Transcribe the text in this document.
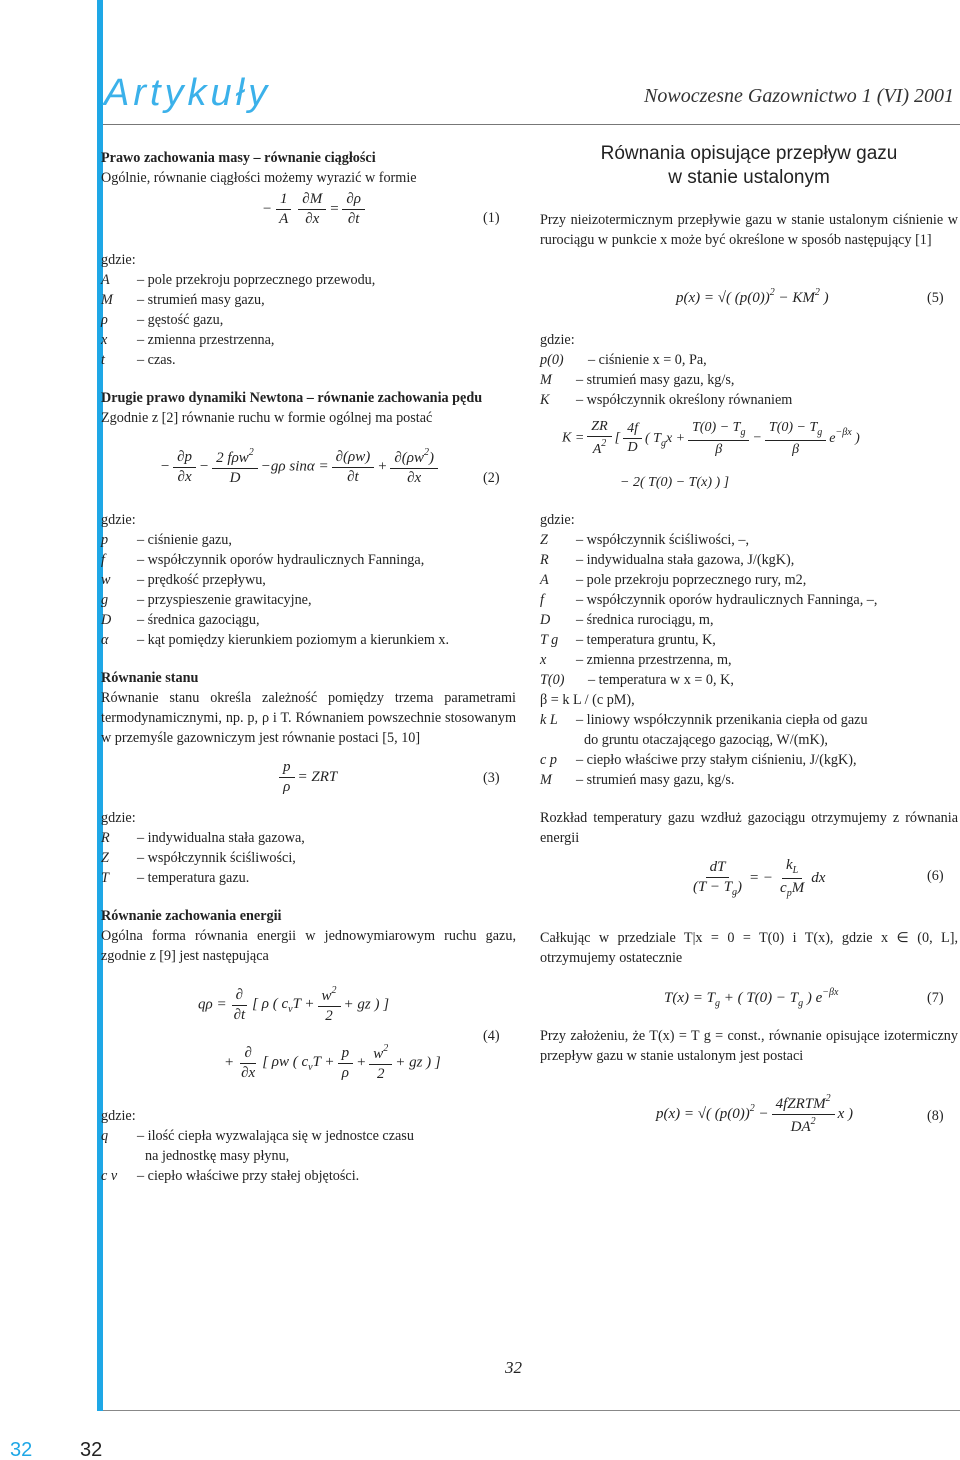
Artykuły	Nowoczesne Gazownictwo 1 (VI) 2001
Prawo zachowania masy – równanie ciągłości
Ogólnie, równanie ciągłości możemy wyrazić w formie
− $\frac{1}{A} \frac{\partial M}{\partial x} = \frac{\partial\rho}{\partial t}$	(1)
gdzie:
A	– pole przekroju poprzecznego przewodu,
M	– strumień masy gazu,
ρ	– gęstość gazu,
x	– zmienna przestrzenna,
t	– czas.
Drugie prawo dynamiki Newtona – równanie zachowania pędu
Zgodnie z [2] równanie ruchu w formie ogólnej ma postać
− $\frac{\partial p}{\partial x} - \frac{2 f\rho w^2}{D} -g\rho$ $\sin\alpha = \frac{\partial(\rho w)}{\partial t} + \frac{\partial(\rho w^2)}{\partial x}$	(2)
gdzie:
p	– ciśnienie gazu,
f	– współczynnik oporów hydraulicznych Fanninga,
w	– prędkość przepływu,
g	– przyspieszenie grawitacyjne,
D	– średnica gazociągu,
α	– kąt pomiędzy kierunkiem poziomym a kierunkiem x.
Równanie stanu
Równanie stanu określa zależność pomiędzy trzema parametrami termodynamicznymi, np. p, ρ i T. Równaniem powszechnie stosowanym w przemyśle gazowniczym jest równanie postaci [5, 10]
$\frac{p}{\rho}$ = ZRT	(3)
gdzie:
R	– indywidualna stała gazowa,
Z	– współczynnik ściśliwości,
T	– temperatura gazu.
Równanie zachowania energii
Ogólna forma równania energii w jednowymiarowym ruchu gazu, zgodnie z [9] jest następująca
$q\rho = \frac{\partial}{\partial t}$ [ ρ ( $c_vT + \frac{w^2}{2}$ + gz ) ]
+ $\frac{\partial}{\partial x}$ [ ρw ( $c_vT + \frac{p}{\rho} + \frac{w^2}{2}$ + gz ) ]
(4)
gdzie:
q	– ilość ciepła wyzwalająca się w jednostce czasu
na jednostkę masy płynu,
c v	– ciepło właściwe przy stałej objętości.
Równania opisujące przepływ gazu
w stanie ustalonym
Przy nieizotermicznym przepływie gazu w stanie ustalonym ciśnienie w rurociągu w punkcie x może być określone w sposób następujący [1]
p(x) = √( $(p(0))^2 - KM^2$ )	(5)
gdzie:
p(0)	– ciśnienie x = 0, Pa,
M	– strumień masy gazu, kg/s,
K	– współczynnik określony równaniem
$K = \frac{ZR}{A^2}$ [ $\frac{4f}{D}$ ( $T_gx + \frac{T(0) - T_g}{\beta} - \frac{T(0) - T_g}{\beta} e^{-\beta x}$ )
− 2( T(0) − T(x) ) ]
gdzie:
Z	– współczynnik ściśliwości, –,
R	– indywidualna stała gazowa, J/(kgK),
A	– pole przekroju poprzecznego rury, m2,
f	– współczynnik oporów hydraulicznych Fanninga, –,
D	– średnica rurociągu, m,
T g	– temperatura gruntu, K,
x	– zmienna przestrzenna, m,
T(0)	– temperatura w x = 0, K,
β = k L / (c pM),
k L	– liniowy współczynnik przenikania ciepła od gazu
do gruntu otaczającego gazociąg, W/(mK),
c p	– ciepło właściwe przy stałym ciśnieniu, J/(kgK),
M	– strumień masy gazu, kg/s.
Rozkład temperatury gazu wzdłuż gazociągu otrzymujemy z równania energii
$\frac{dT}{(T - T_g)}$ = − $\frac{k_L}{c_pM}$ dx	(6)
Całkując w przedziale T|x = 0 = T(0) i T(x), gdzie x ∈ (0, L], otrzymujemy ostatecznie
$T(x) = T_g$ + ( $T(0) - T_g$ ) $e^{-\beta x}$	(7)
Przy założeniu, że T(x) = T g = const., równanie opisujące izotermiczny przepływ gazu w stanie ustalonym jest postaci
p(x) = √( $(p(0))^2 - \frac{4fZRTM^2}{DA^2}$ x )	(8)
32
32 32
